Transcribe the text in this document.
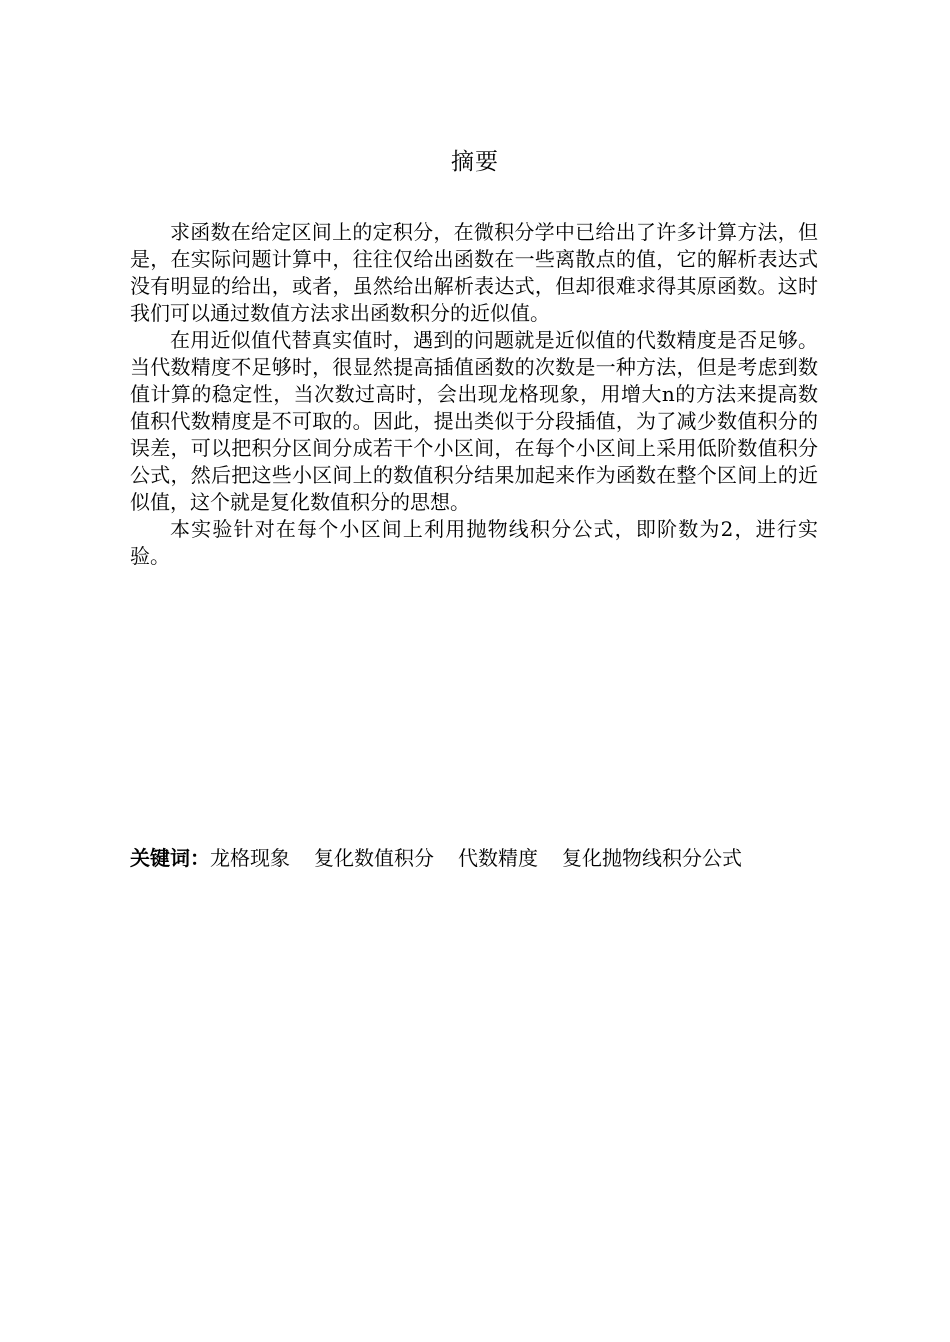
摘要

求函数在给定区间上的定积分，在微积分学中已给出了许多计算方法，但是，在实际问题计算中，往往仅给出函数在一些离散点的值，它的解析表达式没有明显的给出，或者，虽然给出解析表达式，但却很难求得其原函数。这时我们可以通过数值方法求出函数积分的近似值。

在用近似值代替真实值时，遇到的问题就是近似值的代数精度是否足够。当代数精度不足够时，很显然提高插值函数的次数是一种方法，但是考虑到数值计算的稳定性，当次数过高时，会出现龙格现象，用增大n的方法来提高数值积代数精度是不可取的。因此，提出类似于分段插值，为了减少数值积分的误差，可以把积分区间分成若干个小区间，在每个小区间上采用低阶数值积分公式，然后把这些小区间上的数值积分结果加起来作为函数在整个区间上的近似值，这个就是复化数值积分的思想。

本实验针对在每个小区间上利用抛物线积分公式，即阶数为2，进行实验。

关键词：龙格现象 复化数值积分 代数精度 复化抛物线积分公式
